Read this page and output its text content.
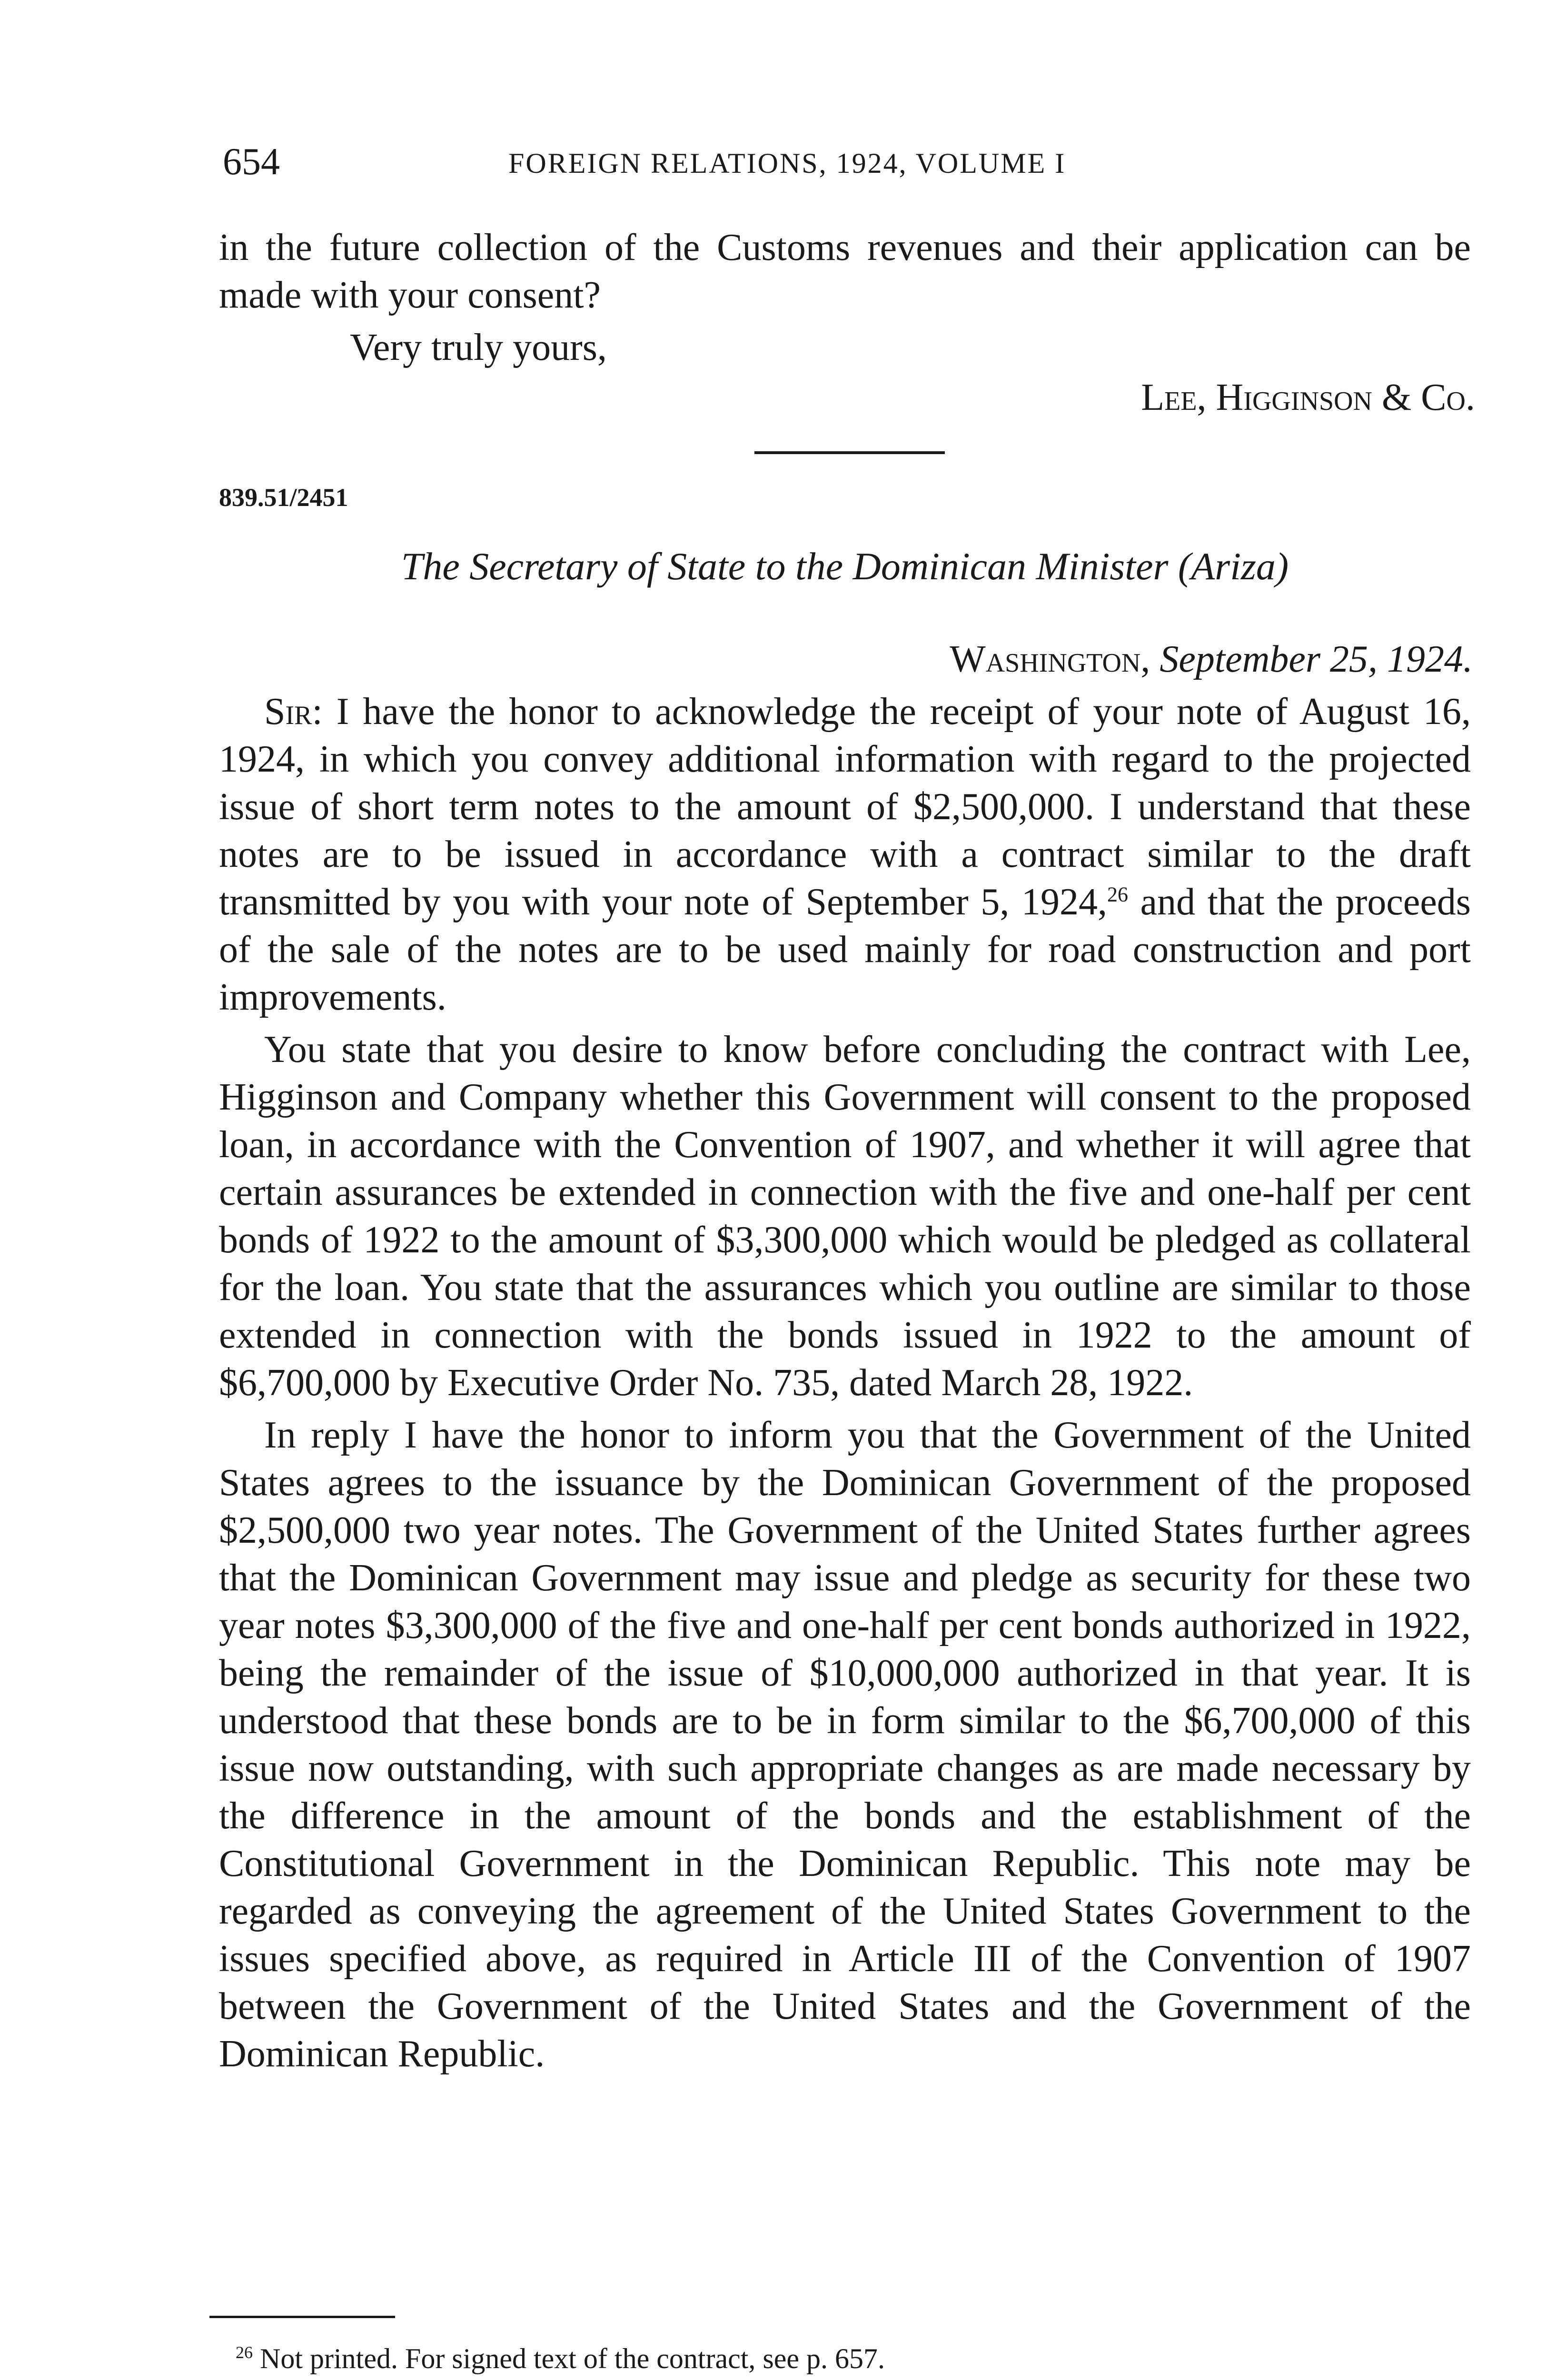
654	FOREIGN RELATIONS, 1924, VOLUME I

in the future collection of the Customs revenues and their application can be made with your consent?

Very truly yours,
Lee, Higginson & Co.
839.51/2451
The Secretary of State to the Dominican Minister (Ariza)
Washington, September 25, 1924.

Sir: I have the honor to acknowledge the receipt of your note of August 16, 1924, in which you convey additional information with regard to the projected issue of short term notes to the amount of $2,500,000. I understand that these notes are to be issued in accordance with a contract similar to the draft transmitted by you with your note of September 5, 1924,26 and that the proceeds of the sale of the notes are to be used mainly for road construction and port improvements.

You state that you desire to know before concluding the contract with Lee, Higginson and Company whether this Government will consent to the proposed loan, in accordance with the Convention of 1907, and whether it will agree that certain assurances be extended in connection with the five and one-half per cent bonds of 1922 to the amount of $3,300,000 which would be pledged as collateral for the loan. You state that the assurances which you outline are similar to those extended in connection with the bonds issued in 1922 to the amount of $6,700,000 by Executive Order No. 735, dated March 28, 1922.

In reply I have the honor to inform you that the Government of the United States agrees to the issuance by the Dominican Government of the proposed $2,500,000 two year notes. The Government of the United States further agrees that the Dominican Government may issue and pledge as security for these two year notes $3,300,000 of the five and one-half per cent bonds authorized in 1922, being the remainder of the issue of $10,000,000 authorized in that year. It is understood that these bonds are to be in form similar to the $6,700,000 of this issue now outstanding, with such appropriate changes as are made necessary by the difference in the amount of the bonds and the establishment of the Constitutional Government in the Dominican Republic. This note may be regarded as conveying the agreement of the United States Government to the issues specified above, as required in Article III of the Convention of 1907 between the Government of the United States and the Government of the Dominican Republic.

$^{26}$ Not printed. For signed text of the contract, see p. 657.
